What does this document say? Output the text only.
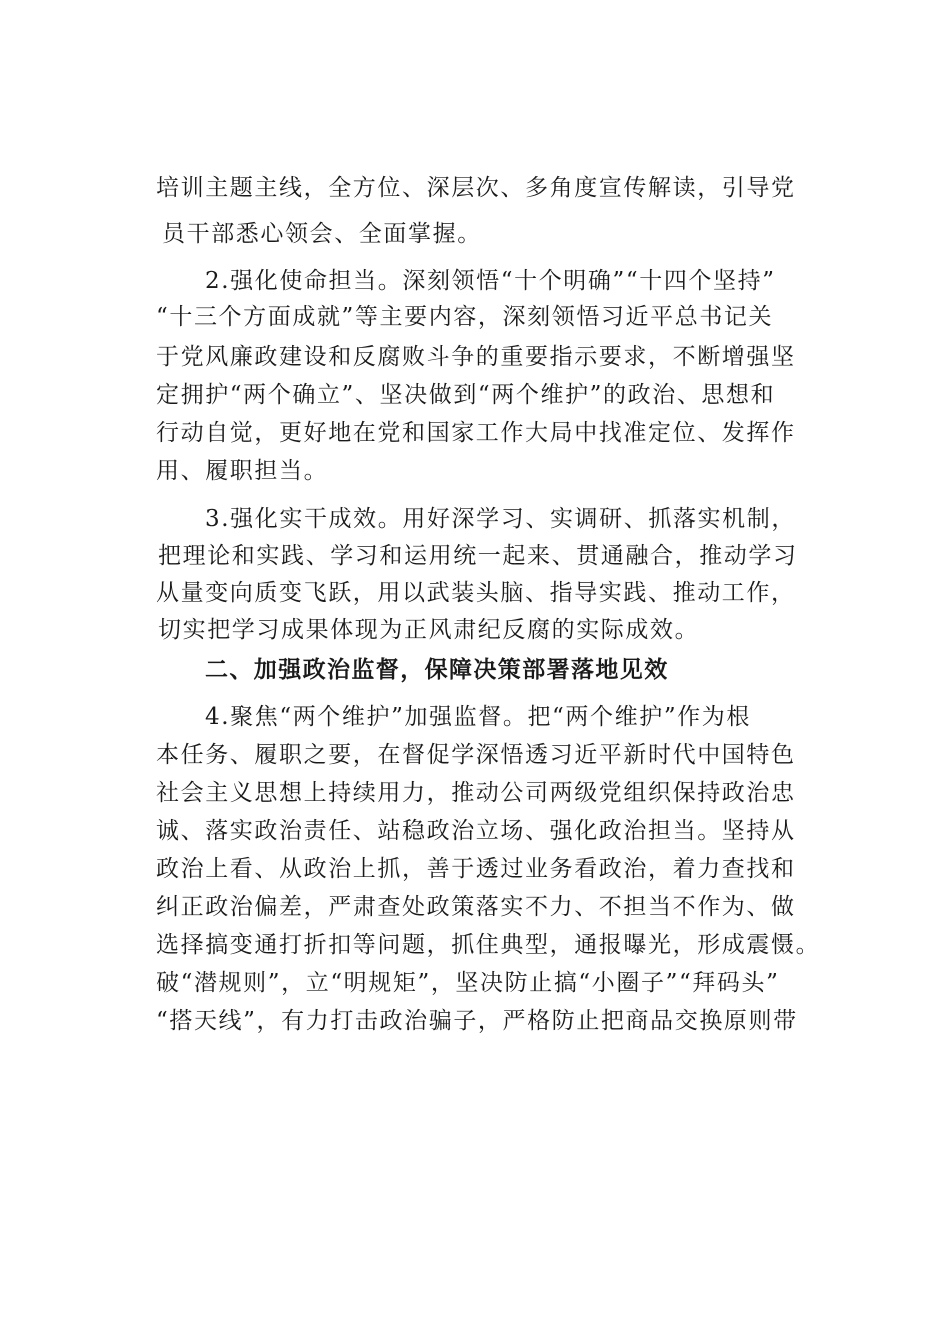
培训主题主线，全方位、深层次、多角度宣传解读，引导党
员干部悉心领会、全面掌握。
2.强化使命担当。深刻领悟“十个明确”“十四个坚持”
“十三个方面成就”等主要内容，深刻领悟习近平总书记关
于党风廉政建设和反腐败斗争的重要指示要求，不断增强坚
定拥护“两个确立”、坚决做到“两个维护”的政治、思想和
行动自觉，更好地在党和国家工作大局中找准定位、发挥作
用、履职担当。
3.强化实干成效。用好深学习、实调研、抓落实机制，
把理论和实践、学习和运用统一起来、贯通融合，推动学习
从量变向质变飞跃，用以武装头脑、指导实践、推动工作，
切实把学习成果体现为正风肃纪反腐的实际成效。
二、加强政治监督，保障决策部署落地见效
4.聚焦“两个维护”加强监督。把“两个维护”作为根
本任务、履职之要，在督促学深悟透习近平新时代中国特色
社会主义思想上持续用力，推动公司两级党组织保持政治忠
诚、落实政治责任、站稳政治立场、强化政治担当。坚持从
政治上看、从政治上抓，善于透过业务看政治，着力查找和
纠正政治偏差，严肃查处政策落实不力、不担当不作为、做
选择搞变通打折扣等问题，抓住典型，通报曝光，形成震慑。
破“潜规则”，立“明规矩”，坚决防止搞“小圈子”“拜码头”
“搭天线”，有力打击政治骗子，严格防止把商品交换原则带
